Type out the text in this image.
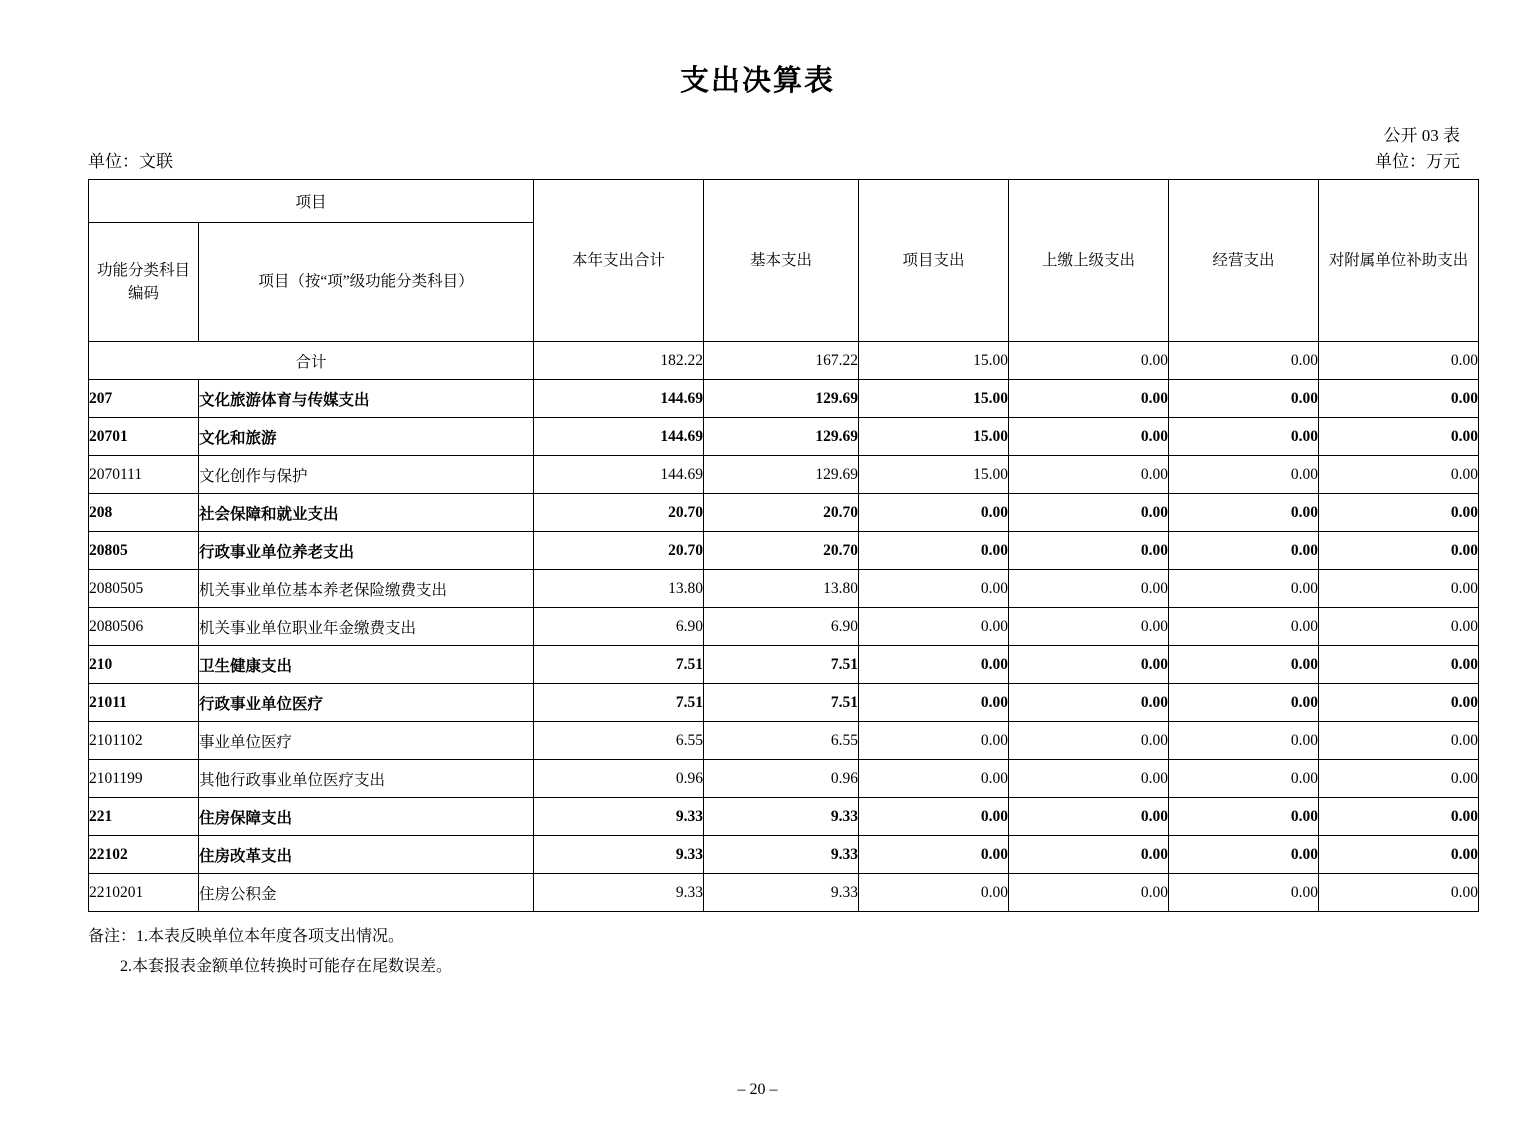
支出决算表
公开 03 表
单位：文联	单位：万元
项目		本年支出合计	基本支出	项目支出	上缴上级支出	经营支出	对附属单位补助支出
功能分类科目
编码	项目（按“项”级功能分类科目）						
合计		182.22	167.22	15.00	0.00	0.00	0.00
207	文化旅游体育与传媒支出	144.69	129.69	15.00	0.00	0.00	0.00
20701	文化和旅游	144.69	129.69	15.00	0.00	0.00	0.00
2070111	文化创作与保护	144.69	129.69	15.00	0.00	0.00	0.00
208	社会保障和就业支出	20.70	20.70	0.00	0.00	0.00	0.00
20805	行政事业单位养老支出	20.70	20.70	0.00	0.00	0.00	0.00
2080505	机关事业单位基本养老保险缴费支出	13.80	13.80	0.00	0.00	0.00	0.00
2080506	机关事业单位职业年金缴费支出	6.90	6.90	0.00	0.00	0.00	0.00
210	卫生健康支出	7.51	7.51	0.00	0.00	0.00	0.00
21011	行政事业单位医疗	7.51	7.51	0.00	0.00	0.00	0.00
2101102	事业单位医疗	6.55	6.55	0.00	0.00	0.00	0.00
2101199	其他行政事业单位医疗支出	0.96	0.96	0.00	0.00	0.00	0.00
221	住房保障支出	9.33	9.33	0.00	0.00	0.00	0.00
22102	住房改革支出	9.33	9.33	0.00	0.00	0.00	0.00
2210201	住房公积金	9.33	9.33	0.00	0.00	0.00	0.00
备注：1.本表反映单位本年度各项支出情况。
2.本套报表金额单位转换时可能存在尾数误差。
– 20 –
